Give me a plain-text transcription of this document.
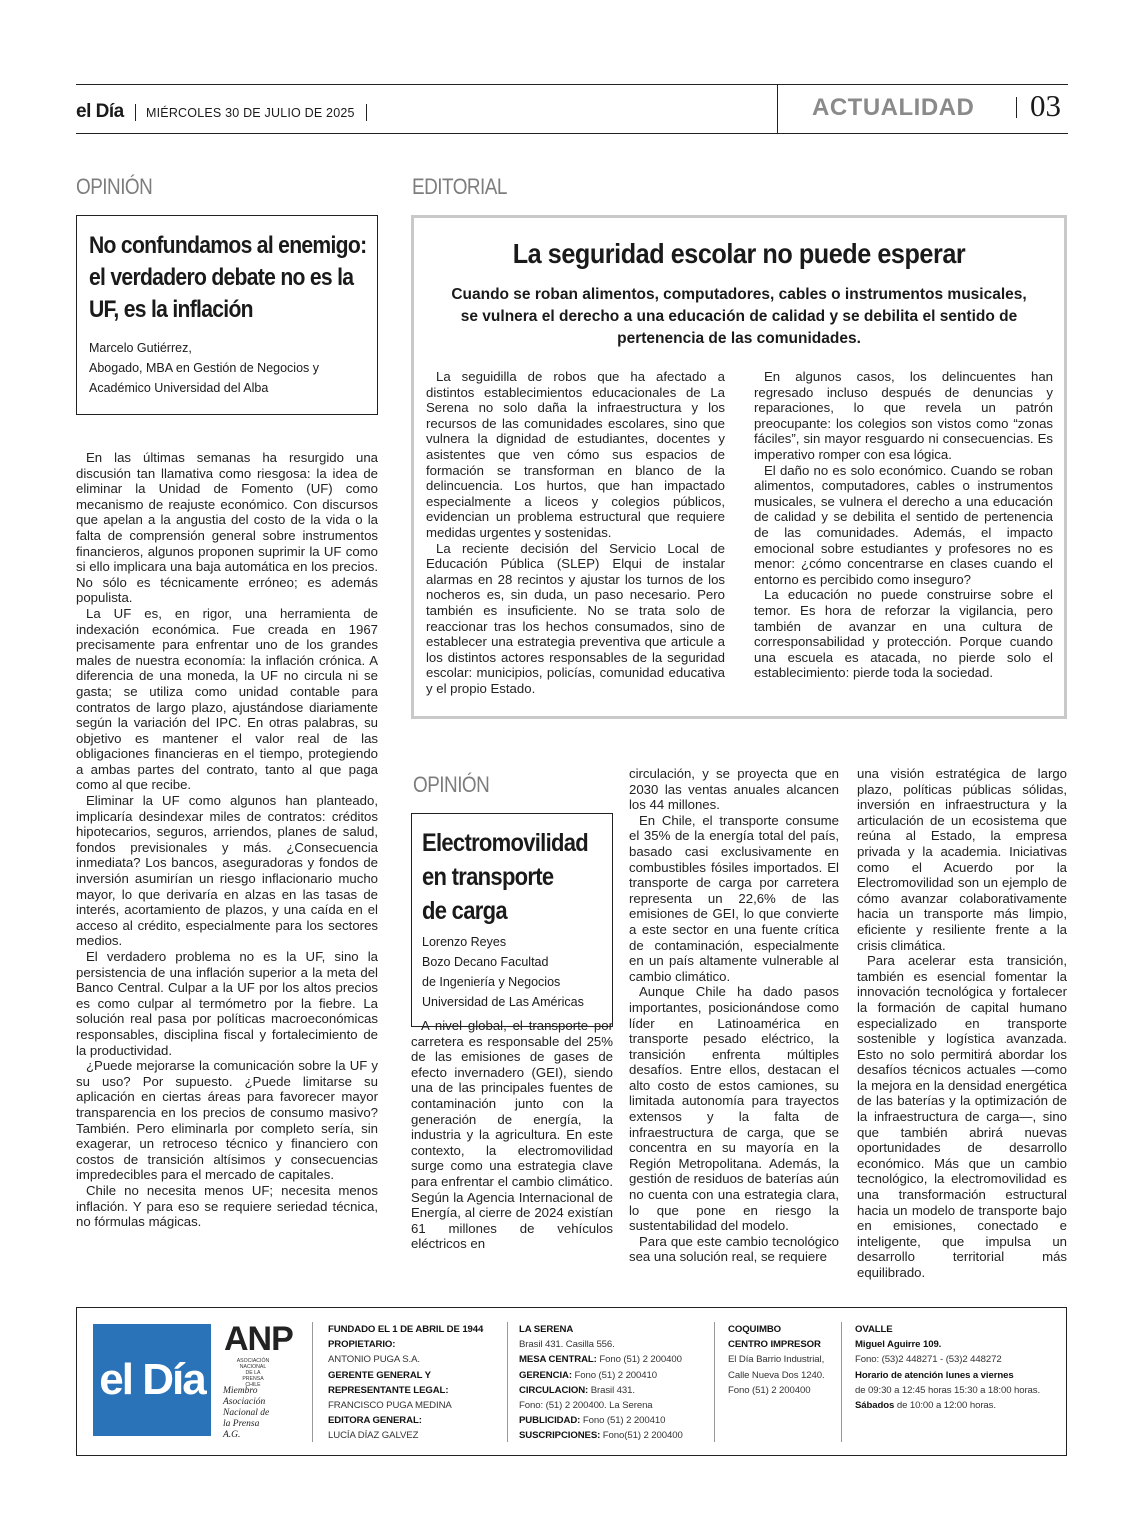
el Día MIÉRCOLES 30 DE JULIO DE 2025	ACTUALIDAD 03
OPINIÓN
No confundamos al enemigo:
el verdadero debate no es la
UF, es la inflación
Marcelo Gutiérrez,
Abogado, MBA en Gestión de Negocios y
Académico Universidad del Alba

En las últimas semanas ha resurgido una discusión tan llamativa como riesgosa: la idea de eliminar la Unidad de Fomento (UF) como mecanismo de reajuste económico. Con discursos que apelan a la angustia del costo de la vida o la falta de comprensión general sobre instrumentos financieros, algunos proponen suprimir la UF como si ello implicara una baja automática en los precios. No sólo es técnicamente erróneo; es además populista.

La UF es, en rigor, una herramienta de indexación económica. Fue creada en 1967 precisamente para enfrentar uno de los grandes males de nuestra economía: la inflación crónica. A diferencia de una moneda, la UF no circula ni se gasta; se utiliza como unidad contable para contratos de largo plazo, ajustándose diariamente según la variación del IPC. En otras palabras, su objetivo es mantener el valor real de las obligaciones financieras en el tiempo, protegiendo a ambas partes del contrato, tanto al que paga como al que recibe.

Eliminar la UF como algunos han planteado, implicaría desindexar miles de contratos: créditos hipotecarios, seguros, arriendos, planes de salud, fondos previsionales y más. ¿Consecuencia inmediata? Los bancos, aseguradoras y fondos de inversión asumirían un riesgo inflacionario mucho mayor, lo que derivaría en alzas en las tasas de interés, acortamiento de plazos, y una caída en el acceso al crédito, especialmente para los sectores medios.

El verdadero problema no es la UF, sino la persistencia de una inflación superior a la meta del Banco Central. Culpar a la UF por los altos precios es como culpar al termómetro por la fiebre. La solución real pasa por políticas macroeconómicas responsables, disciplina fiscal y fortalecimiento de la productividad.

¿Puede mejorarse la comunicación sobre la UF y su uso? Por supuesto. ¿Puede limitarse su aplicación en ciertas áreas para favorecer mayor transparencia en los precios de consumo masivo? También. Pero eliminarla por completo sería, sin exagerar, un retroceso técnico y financiero con costos de transición altísimos y consecuencias impredecibles para el mercado de capitales.

Chile no necesita menos UF; necesita menos inflación. Y para eso se requiere seriedad técnica, no fórmulas mágicas.

EDITORIAL
La seguridad escolar no puede esperar
Cuando se roban alimentos, computadores, cables o instrumentos musicales,
se vulnera el derecho a una educación de calidad y se debilita el sentido de
pertenencia de las comunidades.

La seguidilla de robos que ha afectado a distintos establecimientos educacionales de La Serena no solo daña la infraestructura y los recursos de las comunidades escolares, sino que vulnera la dignidad de estudiantes, docentes y asistentes que ven cómo sus espacios de formación se transforman en blanco de la delincuencia. Los hurtos, que han impactado especialmente a liceos y colegios públicos, evidencian un problema estructural que requiere medidas urgentes y sostenidas.

La reciente decisión del Servicio Local de Educación Pública (SLEP) Elqui de instalar alarmas en 28 recintos y ajustar los turnos de los nocheros es, sin duda, un paso necesario. Pero también es insuficiente. No se trata solo de reaccionar tras los hechos consumados, sino de establecer una estrategia preventiva que articule a los distintos actores responsables de la seguridad escolar: municipios, policías, comunidad educativa y el propio Estado.

En algunos casos, los delincuentes han regresado incluso después de denuncias y reparaciones, lo que revela un patrón preocupante: los colegios son vistos como “zonas fáciles”, sin mayor resguardo ni consecuencias. Es imperativo romper con esa lógica.

El daño no es solo económico. Cuando se roban alimentos, computadores, cables o instrumentos musicales, se vulnera el derecho a una educación de calidad y se debilita el sentido de pertenencia de las comunidades. Además, el impacto emocional sobre estudiantes y profesores no es menor: ¿cómo concentrarse en clases cuando el entorno es percibido como inseguro?

La educación no puede construirse sobre el temor. Es hora de reforzar la vigilancia, pero también de avanzar en una cultura de corresponsabilidad y protección. Porque cuando una escuela es atacada, no pierde solo el establecimiento: pierde toda la sociedad.

OPINIÓN
Electromovilidad
en transporte
de carga
Lorenzo Reyes
Bozo Decano Facultad
de Ingeniería y Negocios
Universidad de Las Américas

A nivel global, el transporte por carretera es responsable del 25% de las emisiones de gases de efecto invernadero (GEI), siendo una de las principales fuentes de contaminación junto con la generación de energía, la industria y la agricultura. En este contexto, la electromovilidad surge como una estrategia clave para enfrentar el cambio climático. Según la Agencia Internacional de Energía, al cierre de 2024 existían 61 millones de vehículos eléctricos en

circulación, y se proyecta que en 2030 las ventas anuales alcancen los 44 millones.

En Chile, el transporte consume el 35% de la energía total del país, basado casi exclusivamente en combustibles fósiles importados. El transporte de carga por carretera representa un 22,6% de las emisiones de GEI, lo que convierte a este sector en una fuente crítica de contaminación, especialmente en un país altamente vulnerable al cambio climático.

Aunque Chile ha dado pasos importantes, posicionándose como líder en Latinoamérica en transporte pesado eléctrico, la transición enfrenta múltiples desafíos. Entre ellos, destacan el alto costo de estos camiones, su limitada autonomía para trayectos extensos y la falta de infraestructura de carga, que se concentra en su mayoría en la Región Metropolitana. Además, la gestión de residuos de baterías aún no cuenta con una estrategia clara, lo que pone en riesgo la sustentabilidad del modelo.

Para que este cambio tecnológico sea una solución real, se requiere

una visión estratégica de largo plazo, políticas públicas sólidas, inversión en infraestructura y la articulación de un ecosistema que reúna al Estado, la empresa privada y la academia. Iniciativas como el Acuerdo por la Electromovilidad son un ejemplo de cómo avanzar colaborativamente hacia un transporte más limpio, eficiente y resiliente frente a la crisis climática.

Para acelerar esta transición, también es esencial fomentar la innovación tecnológica y fortalecer la formación de capital humano especializado en transporte sostenible y logística avanzada. Esto no solo permitirá abordar los desafíos técnicos actuales —como la mejora en la densidad energética de las baterías y la optimización de la infraestructura de carga—, sino que también abrirá nuevas oportunidades de desarrollo económico. Más que un cambio tecnológico, la electromovilidad es una transformación estructural hacia un modelo de transporte bajo en emisiones, conectado e inteligente, que impulsa un desarrollo territorial más equilibrado.

el Día
ANP
ASOCIACIÓN NACIONAL DE LA PRENSA CHILE
Miembro
Asociación
Nacional de
la Prensa
A.G.
FUNDADO EL 1 DE ABRIL DE 1944
PROPIETARIO:
ANTONIO PUGA S.A.
GERENTE GENERAL Y
REPRESENTANTE LEGAL:
FRANCISCO PUGA MEDINA
EDITORA GENERAL:
LUCÍA DÍAZ GALVEZ
LA SERENA
Brasil 431. Casilla 556.
MESA CENTRAL: Fono (51) 2 200400
GERENCIA: Fono (51) 2 200410
CIRCULACION: Brasil 431.
Fono: (51) 2 200400. La Serena
PUBLICIDAD: Fono (51) 2 200410
SUSCRIPCIONES: Fono(51) 2 200400
COQUIMBO
CENTRO IMPRESOR
El Día Barrio Industrial,
Calle Nueva Dos 1240.
Fono (51) 2 200400
OVALLE
Miguel Aguirre 109.
Fono: (53)2 448271 - (53)2 448272
Horario de atención lunes a viernes
de 09:30 a 12:45 horas 15:30 a 18:00 horas.
Sábados de 10:00 a 12:00 horas.
